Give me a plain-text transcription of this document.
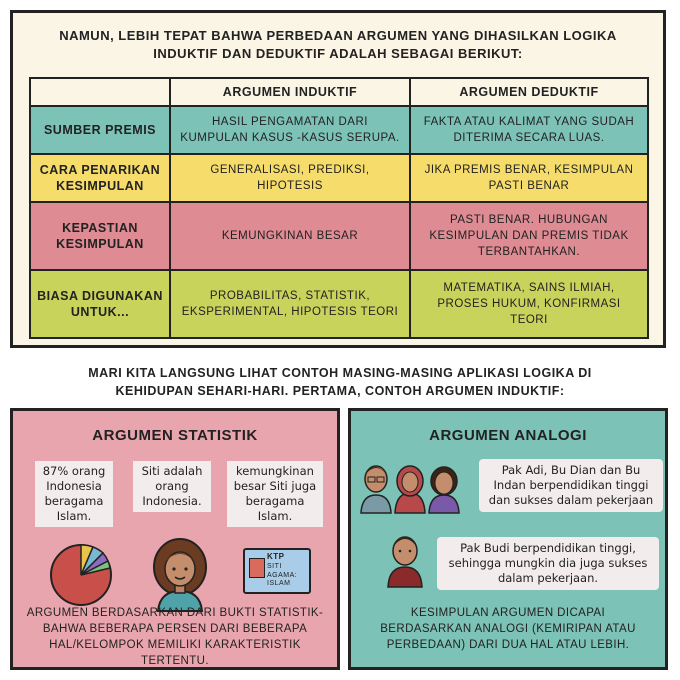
NAMUN, LEBIH TEPAT BAHWA PERBEDAAN ARGUMEN YANG DIHASILKAN LOGIKA INDUKTIF DAN DEDUKTIF ADALAH SEBAGAI BERIKUT:
	ARGUMEN INDUKTIF	ARGUMEN DEDUKTIF
SUMBER PREMIS	HASIL PENGAMATAN DARI KUMPULAN KASUS -KASUS SERUPA.	FAKTA ATAU KALIMAT YANG SUDAH DITERIMA SECARA LUAS.
CARA PENARIKAN KESIMPULAN	GENERALISASI, PREDIKSI, HIPOTESIS	JIKA PREMIS BENAR, KESIMPULAN PASTI BENAR
KEPASTIAN KESIMPULAN	KEMUNGKINAN BESAR	PASTI BENAR. HUBUNGAN KESIMPULAN DAN PREMIS TIDAK TERBANTAHKAN.
BIASA DIGUNAKAN UNTUK...	PROBABILITAS, STATISTIK, EKSPERIMENTAL, HIPOTESIS TEORI	MATEMATIKA, SAINS ILMIAH, PROSES HUKUM, KONFIRMASI TEORI
MARI KITA LANGSUNG LIHAT CONTOH MASING-MASING APLIKASI LOGIKA DI KEHIDUPAN SEHARI-HARI. PERTAMA, CONTOH ARGUMEN INDUKTIF:
ARGUMEN STATISTIK
87% orang Indonesia beragama Islam.
Siti adalah orang Indonesia.
kemungkinan besar Siti juga beragama Islam.
KTP
SITI
AGAMA: ISLAM
ARGUMEN BERDASARKAN DARI BUKTI STATISTIK- BAHWA BEBERAPA PERSEN DARI BEBERAPA HAL/KELOMPOK MEMILIKI KARAKTERISTIK TERTENTU.
ARGUMEN ANALOGI
Pak Adi, Bu Dian dan Bu Indan berpendidikan tinggi dan sukses dalam pekerjaan
Pak Budi berpendidikan tinggi, sehingga mungkin dia juga sukses dalam pekerjaan.
KESIMPULAN ARGUMEN DICAPAI BERDASARKAN ANALOGI (KEMIRIPAN ATAU PERBEDAAN) DARI DUA HAL ATAU LEBIH.
